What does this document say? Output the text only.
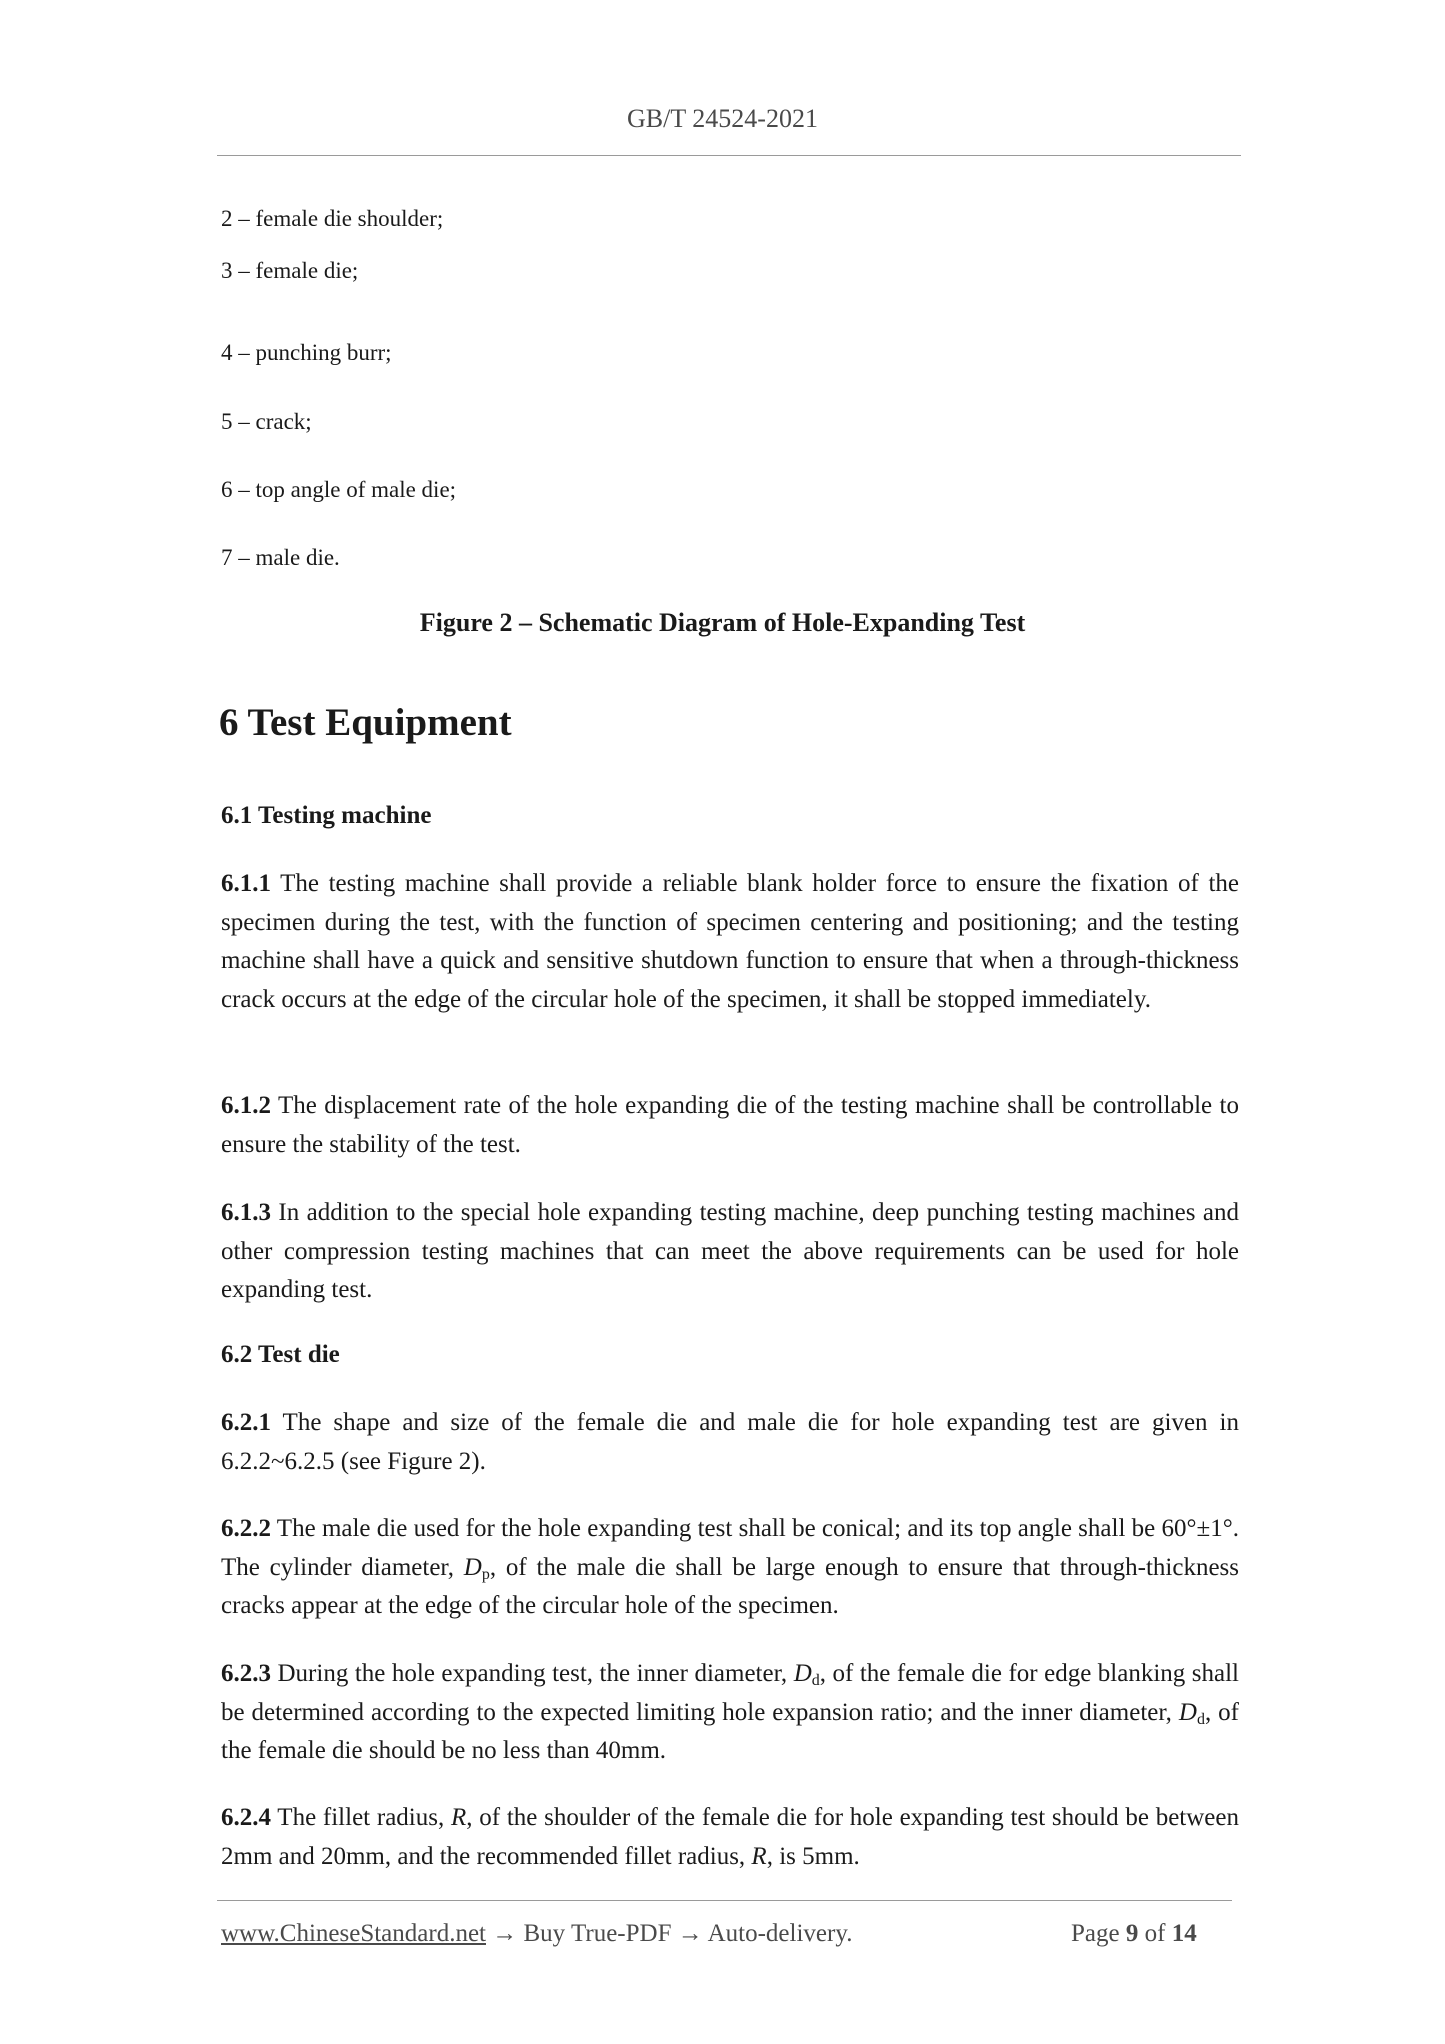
GB/T 24524-2021
2 – female die shoulder;
3 – female die;
4 – punching burr;
5 – crack;
6 – top angle of male die;
7 – male die.
Figure 2 – Schematic Diagram of Hole-Expanding Test
6 Test Equipment
6.1 Testing machine
6.1.1 The testing machine shall provide a reliable blank holder force to ensure the fixation of the specimen during the test, with the function of specimen centering and positioning; and the testing machine shall have a quick and sensitive shutdown function to ensure that when a through-thickness crack occurs at the edge of the circular hole of the specimen, it shall be stopped immediately.
6.1.2 The displacement rate of the hole expanding die of the testing machine shall be controllable to ensure the stability of the test.
6.1.3 In addition to the special hole expanding testing machine, deep punching testing machines and other compression testing machines that can meet the above requirements can be used for hole expanding test.
6.2 Test die
6.2.1 The shape and size of the female die and male die for hole expanding test are given in 6.2.2~6.2.5 (see Figure 2).
6.2.2 The male die used for the hole expanding test shall be conical; and its top angle shall be 60°±1°. The cylinder diameter, $D_p$, of the male die shall be large enough to ensure that through-thickness cracks appear at the edge of the circular hole of the specimen.
6.2.3 During the hole expanding test, the inner diameter, $D_d$, of the female die for edge blanking shall be determined according to the expected limiting hole expansion ratio; and the inner diameter, $D_d$, of the female die should be no less than 40mm.
6.2.4 The fillet radius, R, of the shoulder of the female die for hole expanding test should be between 2mm and 20mm, and the recommended fillet radius, R, is 5mm.
www.ChineseStandard.net → Buy True-PDF → Auto-delivery.	Page 9 of 14
